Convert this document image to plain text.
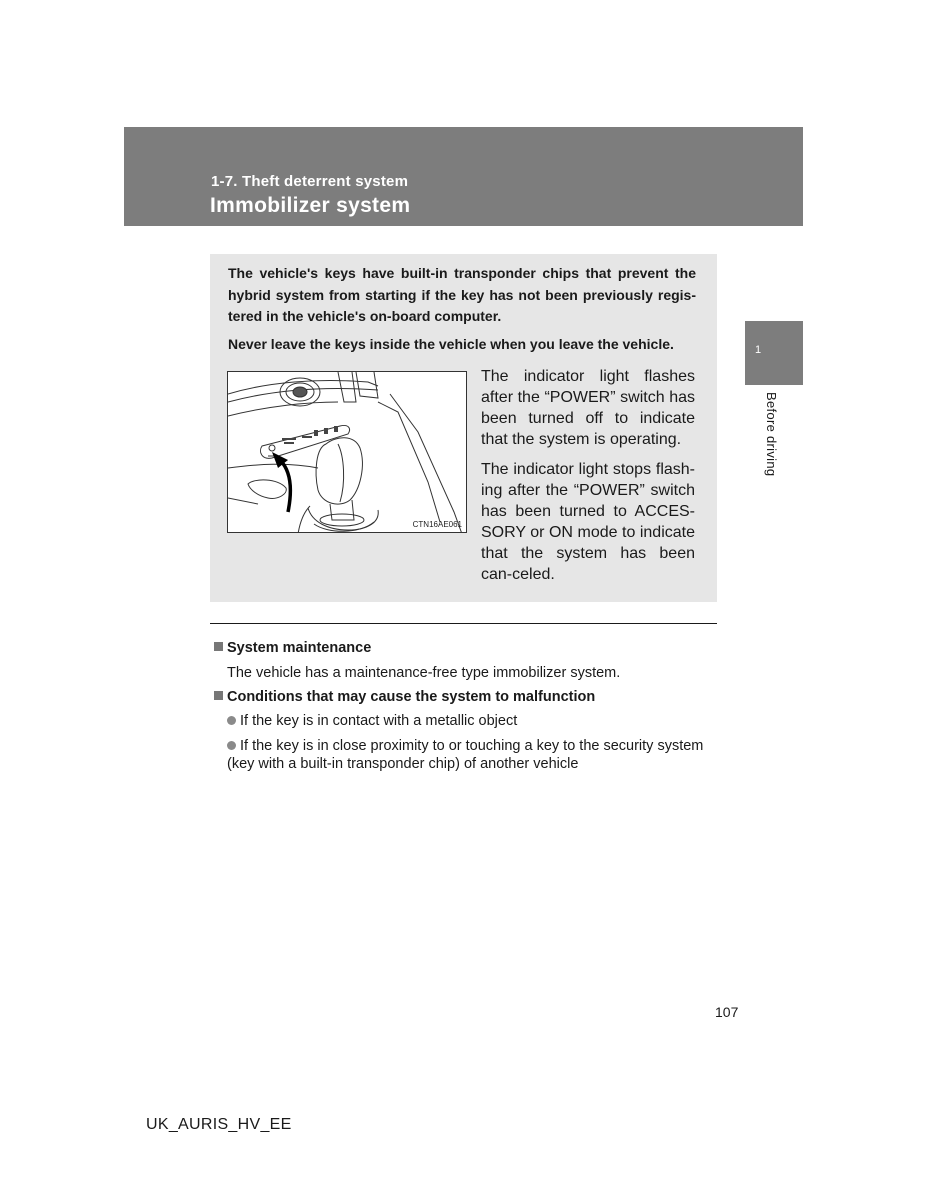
1-7. Theft deterrent system

Immobilizer system
1
Before driving

The vehicle's keys have built-in transponder chips that prevent the hybrid system from starting if the key has not been previously regis-tered in the vehicle's on-board computer.

Never leave the keys inside the vehicle when you leave the vehicle.

CTN16AE061

The indicator light flashes after the “POWER” switch has been turned off to indicate that the system is operating.

The indicator light stops flash-ing after the “POWER” switch has been turned to ACCES-SORY or ON mode to indicate that the system has been can-celed.

System maintenance

The vehicle has a maintenance-free type immobilizer system.

Conditions that may cause the system to malfunction

If the key is in contact with a metallic object

If the key is in close proximity to or touching a key to the security system (key with a built-in transponder chip) of another vehicle

107
UK_AURIS_HV_EE
